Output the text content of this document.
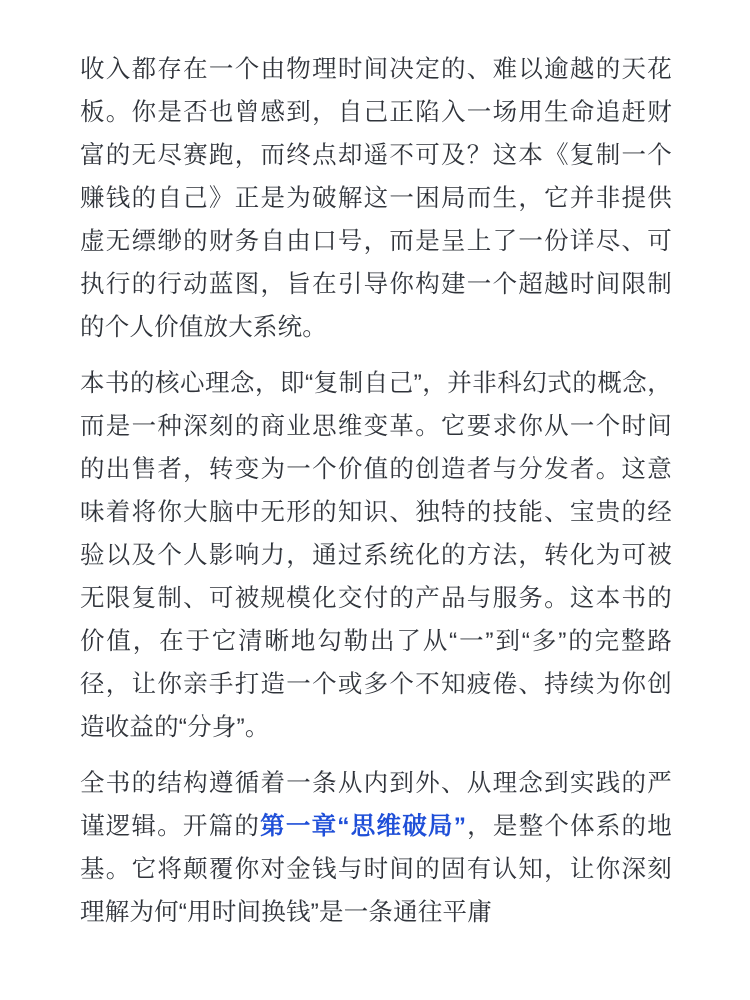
收入都存在一个由物理时间决定的、难以逾越的天花板。你是否也曾感到，自己正陷入一场用生命追赶财富的无尽赛跑，而终点却遥不可及？这本《复制一个赚钱的自己》正是为破解这一困局而生，它并非提供虚无缥缈的财务自由口号，而是呈上了一份详尽、可执行的行动蓝图，旨在引导你构建一个超越时间限制的个人价值放大系统。

本书的核心理念，即“复制自己”，并非科幻式的概念，而是一种深刻的商业思维变革。它要求你从一个时间的出售者，转变为一个价值的创造者与分发者。这意味着将你大脑中无形的知识、独特的技能、宝贵的经验以及个人影响力，通过系统化的方法，转化为可被无限复制、可被规模化交付的产品与服务。这本书的价值，在于它清晰地勾勒出了从“一”到“多”的完整路径，让你亲手打造一个或多个不知疲倦、持续为你创造收益的“分身”。

全书的结构遵循着一条从内到外、从理念到实践的严谨逻辑。开篇的第一章“思维破局”，是整个体系的地基。它将颠覆你对金钱与时间的固有认知，让你深刻理解为何“用时间换钱”是一条通往平庸
